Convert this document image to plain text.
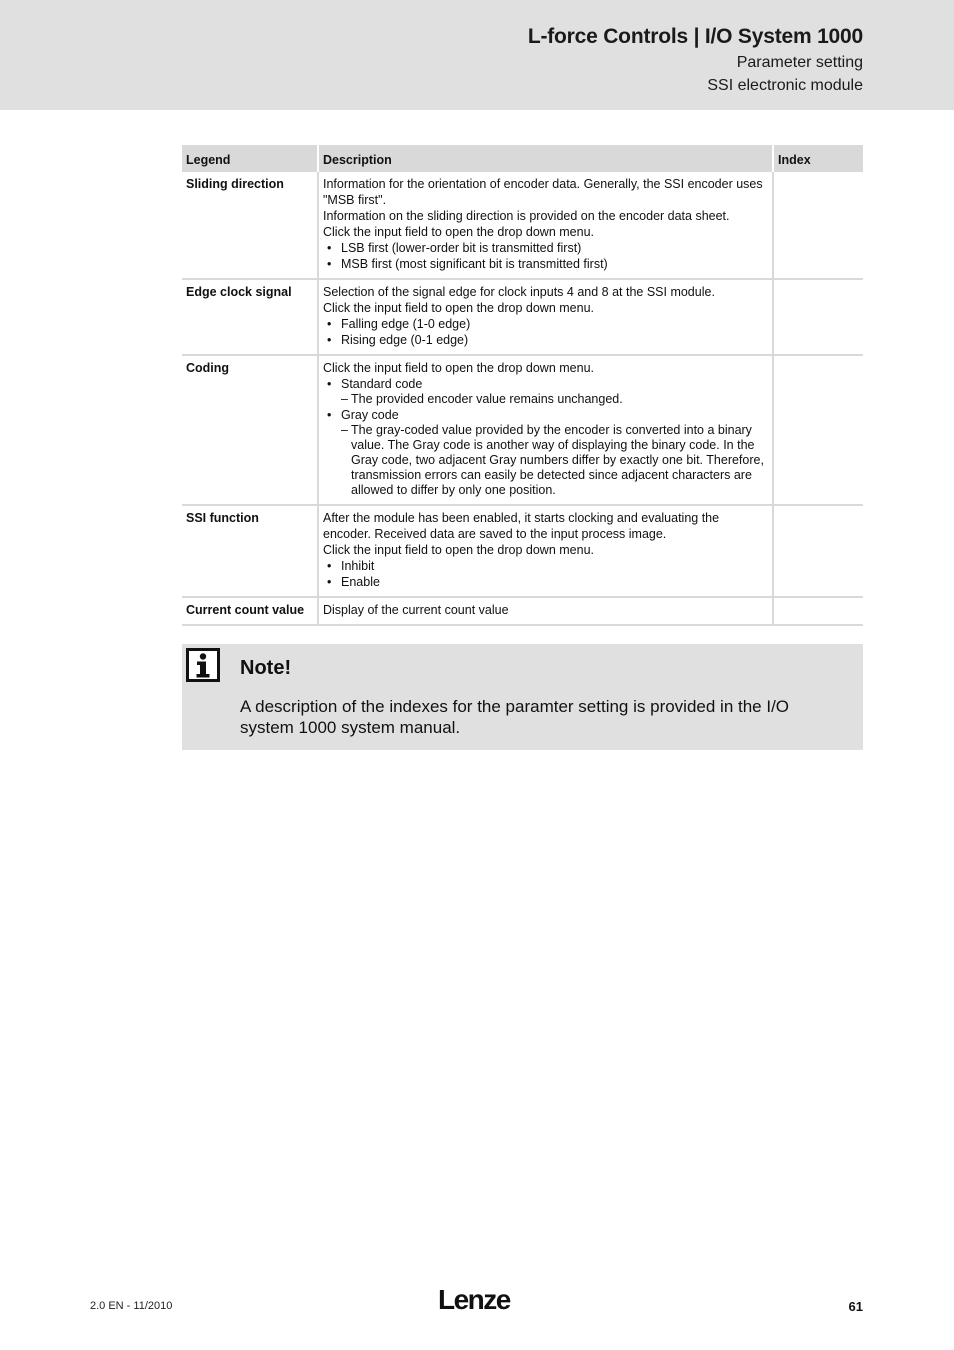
L-force Controls | I/O System 1000
Parameter setting
SSI electronic module
Legend	Description	Index
Sliding direction	Information for the orientation of encoder data. Generally, the SSI encoder uses "MSB first".
Information on the sliding direction is provided on the encoder data sheet.
Click the input field to open the drop down menu.
• LSB first (lower-order bit is transmitted first)
• MSB first (most significant bit is transmitted first)

Edge clock signal	Selection of the signal edge for clock inputs 4 and 8 at the SSI module.
Click the input field to open the drop down menu.
• Falling edge (1-0 edge)
• Rising edge (0-1 edge)

Coding	Click the input field to open the drop down menu.
• Standard code
– The provided encoder value remains unchanged.
• Gray code
– The gray-coded value provided by the encoder is converted into a binary value. The Gray code is another way of displaying the binary code. In the Gray code, two adjacent Gray numbers differ by exactly one bit. Therefore, transmission errors can easily be detected since adjacent characters are allowed to differ by only one position.

SSI function	After the module has been enabled, it starts clocking and evaluating the encoder. Received data are saved to the input process image.
Click the input field to open the drop down menu.
• Inhibit
• Enable

Current count value	Display of the current count value	

Note!
A description of the indexes for the paramter setting is provided in the I/O system 1000 system manual.
2.0 EN - 11/2010	Lenze	61
